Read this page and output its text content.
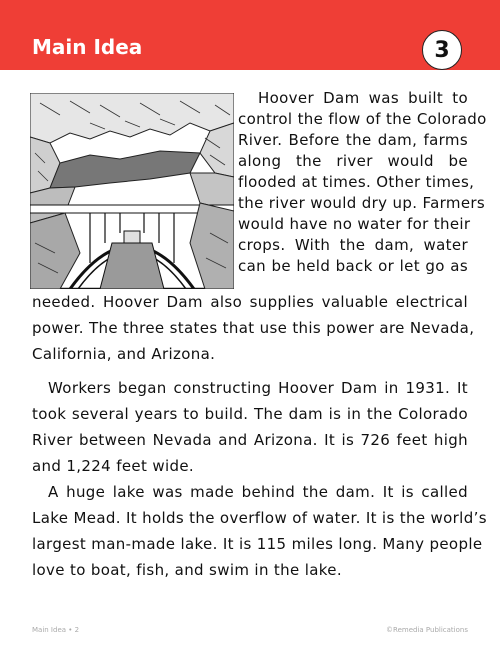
Main Idea	3
Hoover Dam was built to
control the flow of the Colorado
River. Before the dam, farms
along the river would be
flooded at times. Other times,
the river would dry up. Farmers
would have no water for their
crops. With the dam, water
can be held back or let go as
needed. Hoover Dam also supplies valuable electrical
power. The three states that use this power are Nevada,
California, and Arizona.
Workers began constructing Hoover Dam in 1931. It
took several years to build. The dam is in the Colorado
River between Nevada and Arizona. It is 726 feet high
and 1,224 feet wide.
A huge lake was made behind the dam. It is called
Lake Mead. It holds the overflow of water. It is the world’s
largest man-made lake. It is 115 miles long. Many people
love to boat, fish, and swim in the lake.
Main Idea • 2	©Remedia Publications
